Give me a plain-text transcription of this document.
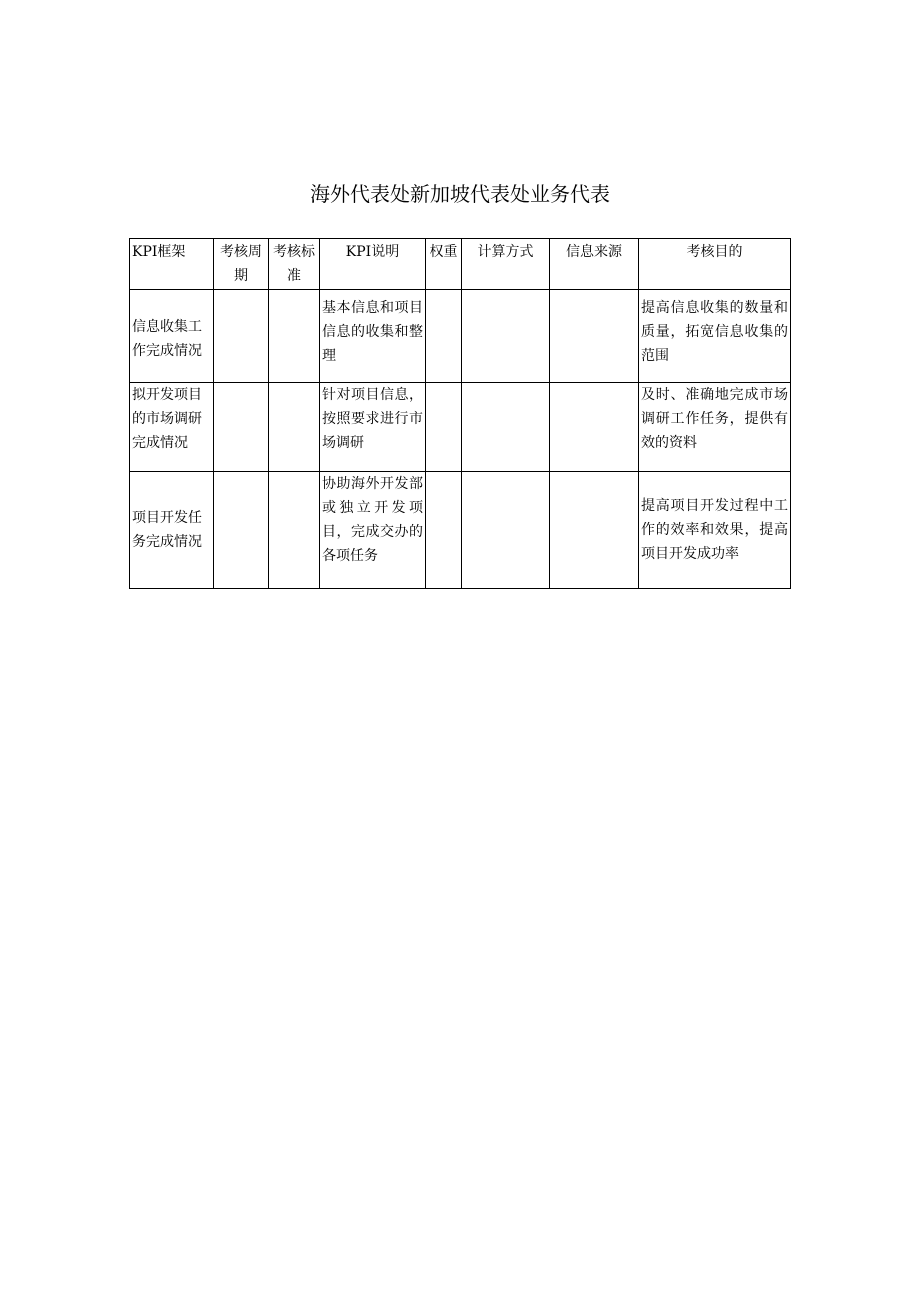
海外代表处新加坡代表处业务代表
KPI框架	考核周期	考核标准	KPI说明	权重	计算方式	信息来源	考核目的
信息收集工作完成情况			基本信息和项目信息的收集和整理				提高信息收集的数量和质量，拓宽信息收集的范围
拟开发项目的市场调研完成情况			针对项目信息，按照要求进行市场调研				及时、准确地完成市场调研工作任务，提供有效的资料
项目开发任务完成情况			协助海外开发部或独立开发项目，完成交办的各项任务				提高项目开发过程中工作的效率和效果，提高项目开发成功率
